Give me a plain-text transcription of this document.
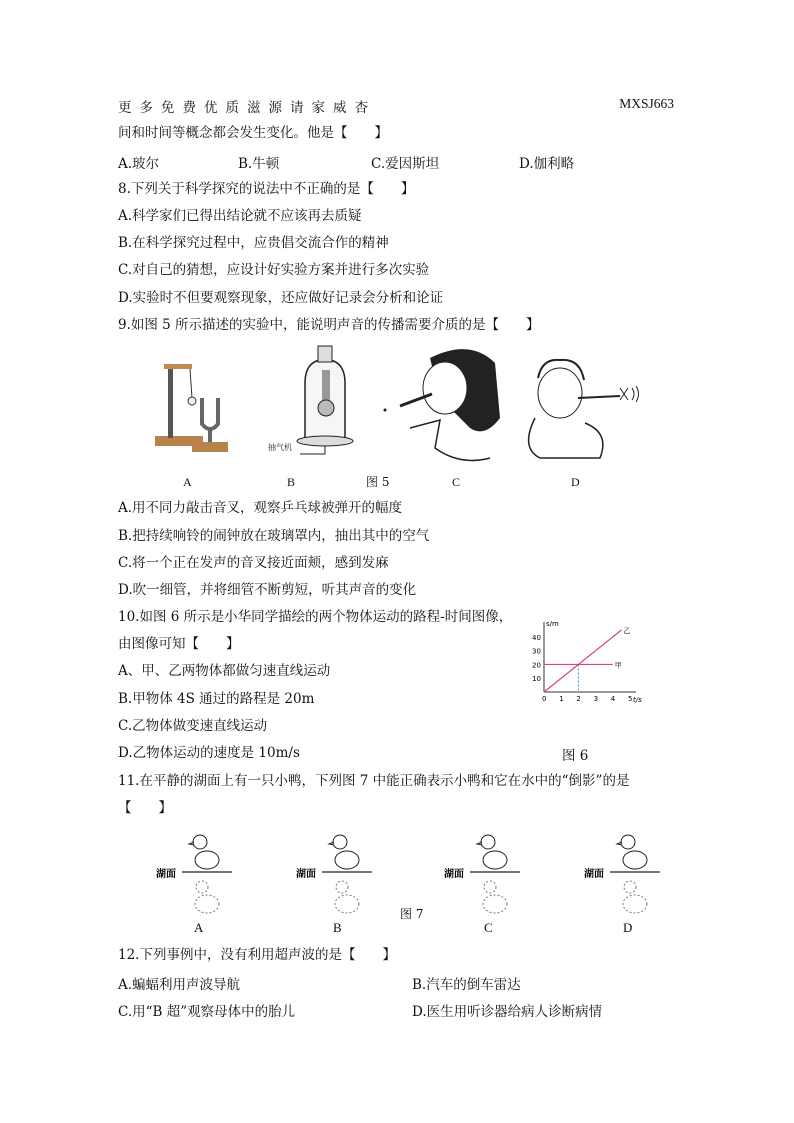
更多免费优质滋源请家威杏	MXSJ663
间和时间等概念都会发生变化。他是【　　】
A.玻尔	B.牛顿	C.爱因斯坦	D.伽利略
8.下列关于科学探究的说法中不正确的是【　　】
A.科学家们已得出结论就不应该再去质疑
B.在科学探究过程中，应贵倡交流合作的精神
C.对自己的猜想，应设计好实验方案并进行多次实验
D.实验时不但要观察现象，还应做好记录会分析和论证
9.如图 5 所示描述的实验中，能说明声音的传播需要介质的是【　　】
抽气机
A	B	图 5	C	D
A.用不同力敲击音叉，观察乒乓球被弹开的幅度
B.把持续响铃的闹钟放在玻璃罩内，抽出其中的空气
C.将一个正在发声的音叉接近面颊，感到发麻
D.吹一细管，并将细管不断剪短，听其声音的变化
10.如图 6 所示是小华同学描绘的两个物体运动的路程-时间图像，
由图像可知【　　】
A、甲、乙两物体都做匀速直线运动
B.甲物体 4S 通过的路程是 20m
C.乙物体做变速直线运动
D.乙物体运动的速度是 10m/s	图 6
s/m
t/s
甲
乙
0 1 2 3 4 5
10
20
30
40
11.在平静的湖面上有一只小鸭，下列图 7 中能正确表示小鸭和它在水中的“倒影”的是
【　　】
湖面	湖面	湖面	湖面
图 7
A	B	C	D
12.下列事例中，没有利用超声波的是【　　】
A.蝙蝠利用声波导航	B.汽车的倒车雷达
C.用“B 超”观察母体中的胎儿	D.医生用听诊器给病人诊断病情
